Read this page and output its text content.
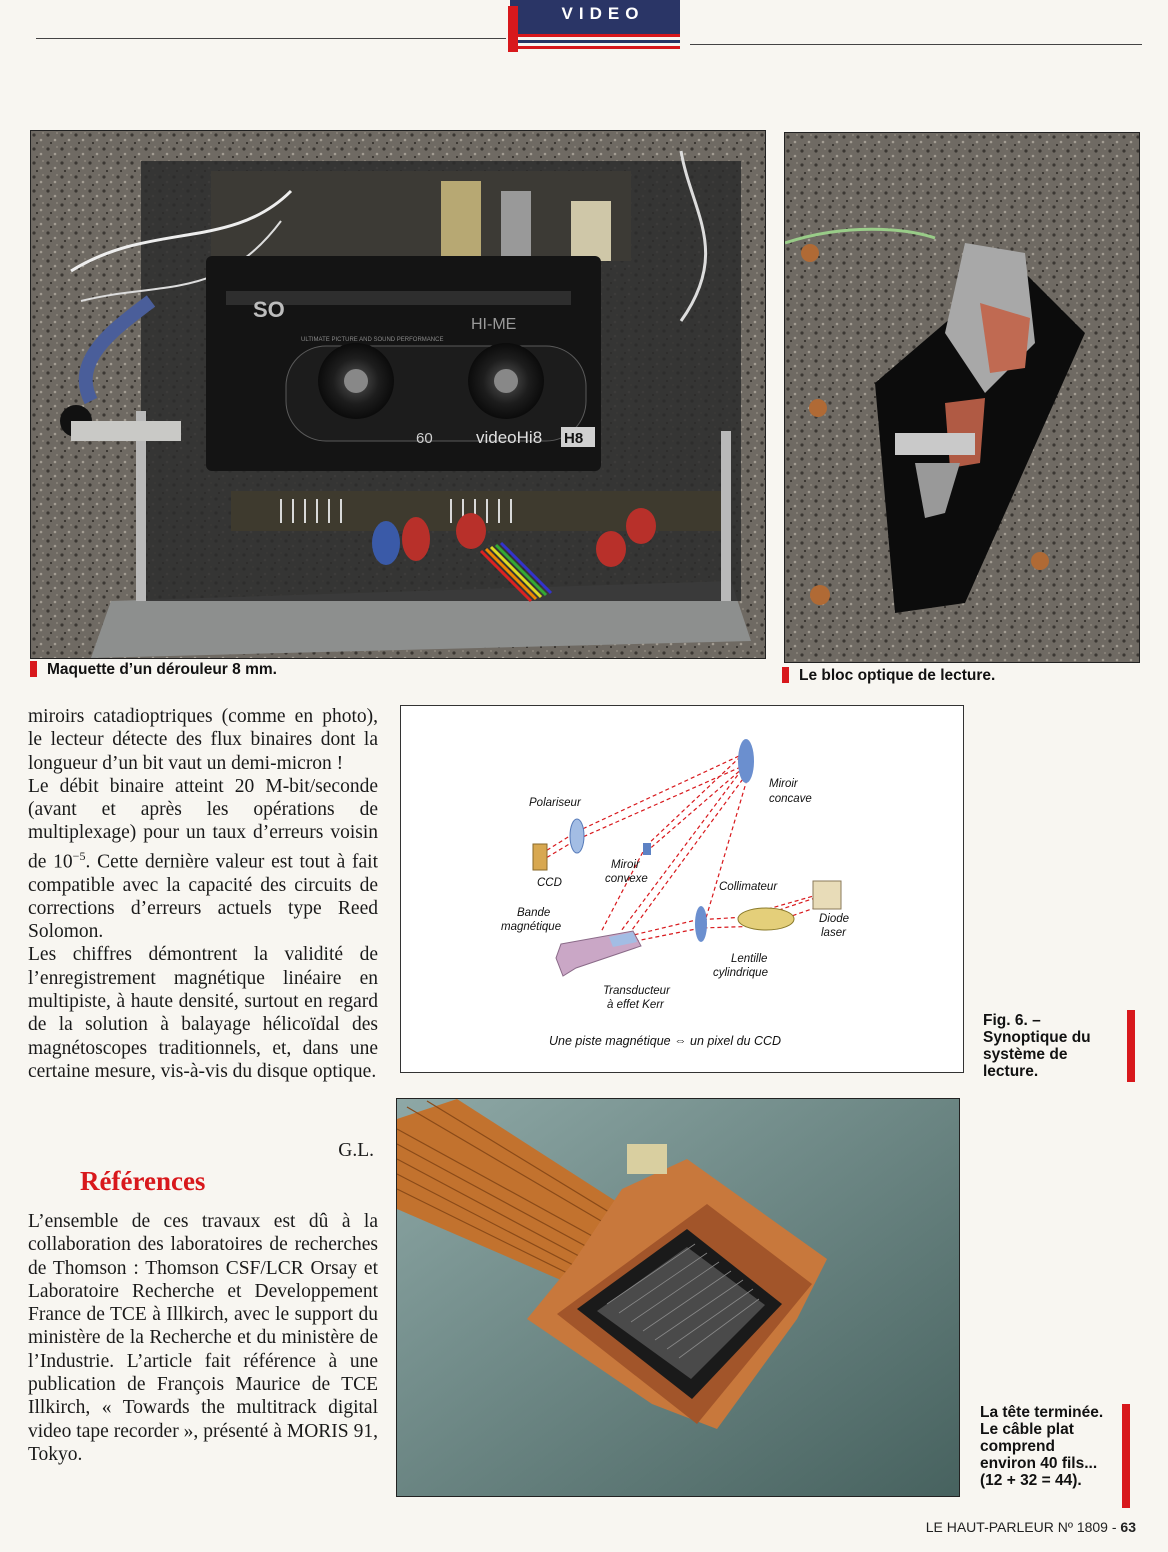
VIDEO
SO
HI-ME
ULTIMATE PICTURE AND SOUND PERFORMANCE
60	videoHi8 H8
Maquette d’un dérouleur 8 mm.	Le bloc optique de lecture.

miroirs catadioptriques (comme en photo), le lecteur détecte des flux binaires dont la longueur d’un bit vaut un demi-micron !

Le débit binaire atteint 20 M-bit/seconde (avant et après les opérations de multiplexage) pour un taux d’erreurs voisin de $10^{-5}$. Cette dernière valeur est tout à fait compatible avec la capacité des circuits de corrections d’erreurs actuels type Reed Solomon.

Les chiffres démontrent la validité de l’enregistrement magnétique linéaire en multipiste, à haute densité, surtout en regard de la solution à balayage hélicoïdal des magnétoscopes traditionnels, et, dans une certaine mesure, vis-à-vis du disque optique.

G.L.
Références
L’ensemble de ces travaux est dû à la collaboration des laboratoires de recherches de Thomson : Thomson CSF/LCR Orsay et Laboratoire Recherche et Developpement France de TCE à Illkirch, avec le support du ministère de la Recherche et du ministère de l’Industrie. L’article fait référence à une publication de François Maurice de TCE Illkirch, « Towards the multitrack digital video tape recorder », présenté à MORIS 91, Tokyo.
Polariseur
Miroir
concave
CCD
Miroir
convexe
Collimateur
Bande
magnétique
Diode
laser
Lentille
cylindrique
Transducteur
à effet Kerr
Une piste magnétique ⇔ un pixel du CCD
Fig. 6. – Synoptique du système de lecture.
La tête terminée. Le câble plat comprend environ 40 fils... (12 + 32 = 44).
LE HAUT-PARLEUR Nº 1809 - 63
